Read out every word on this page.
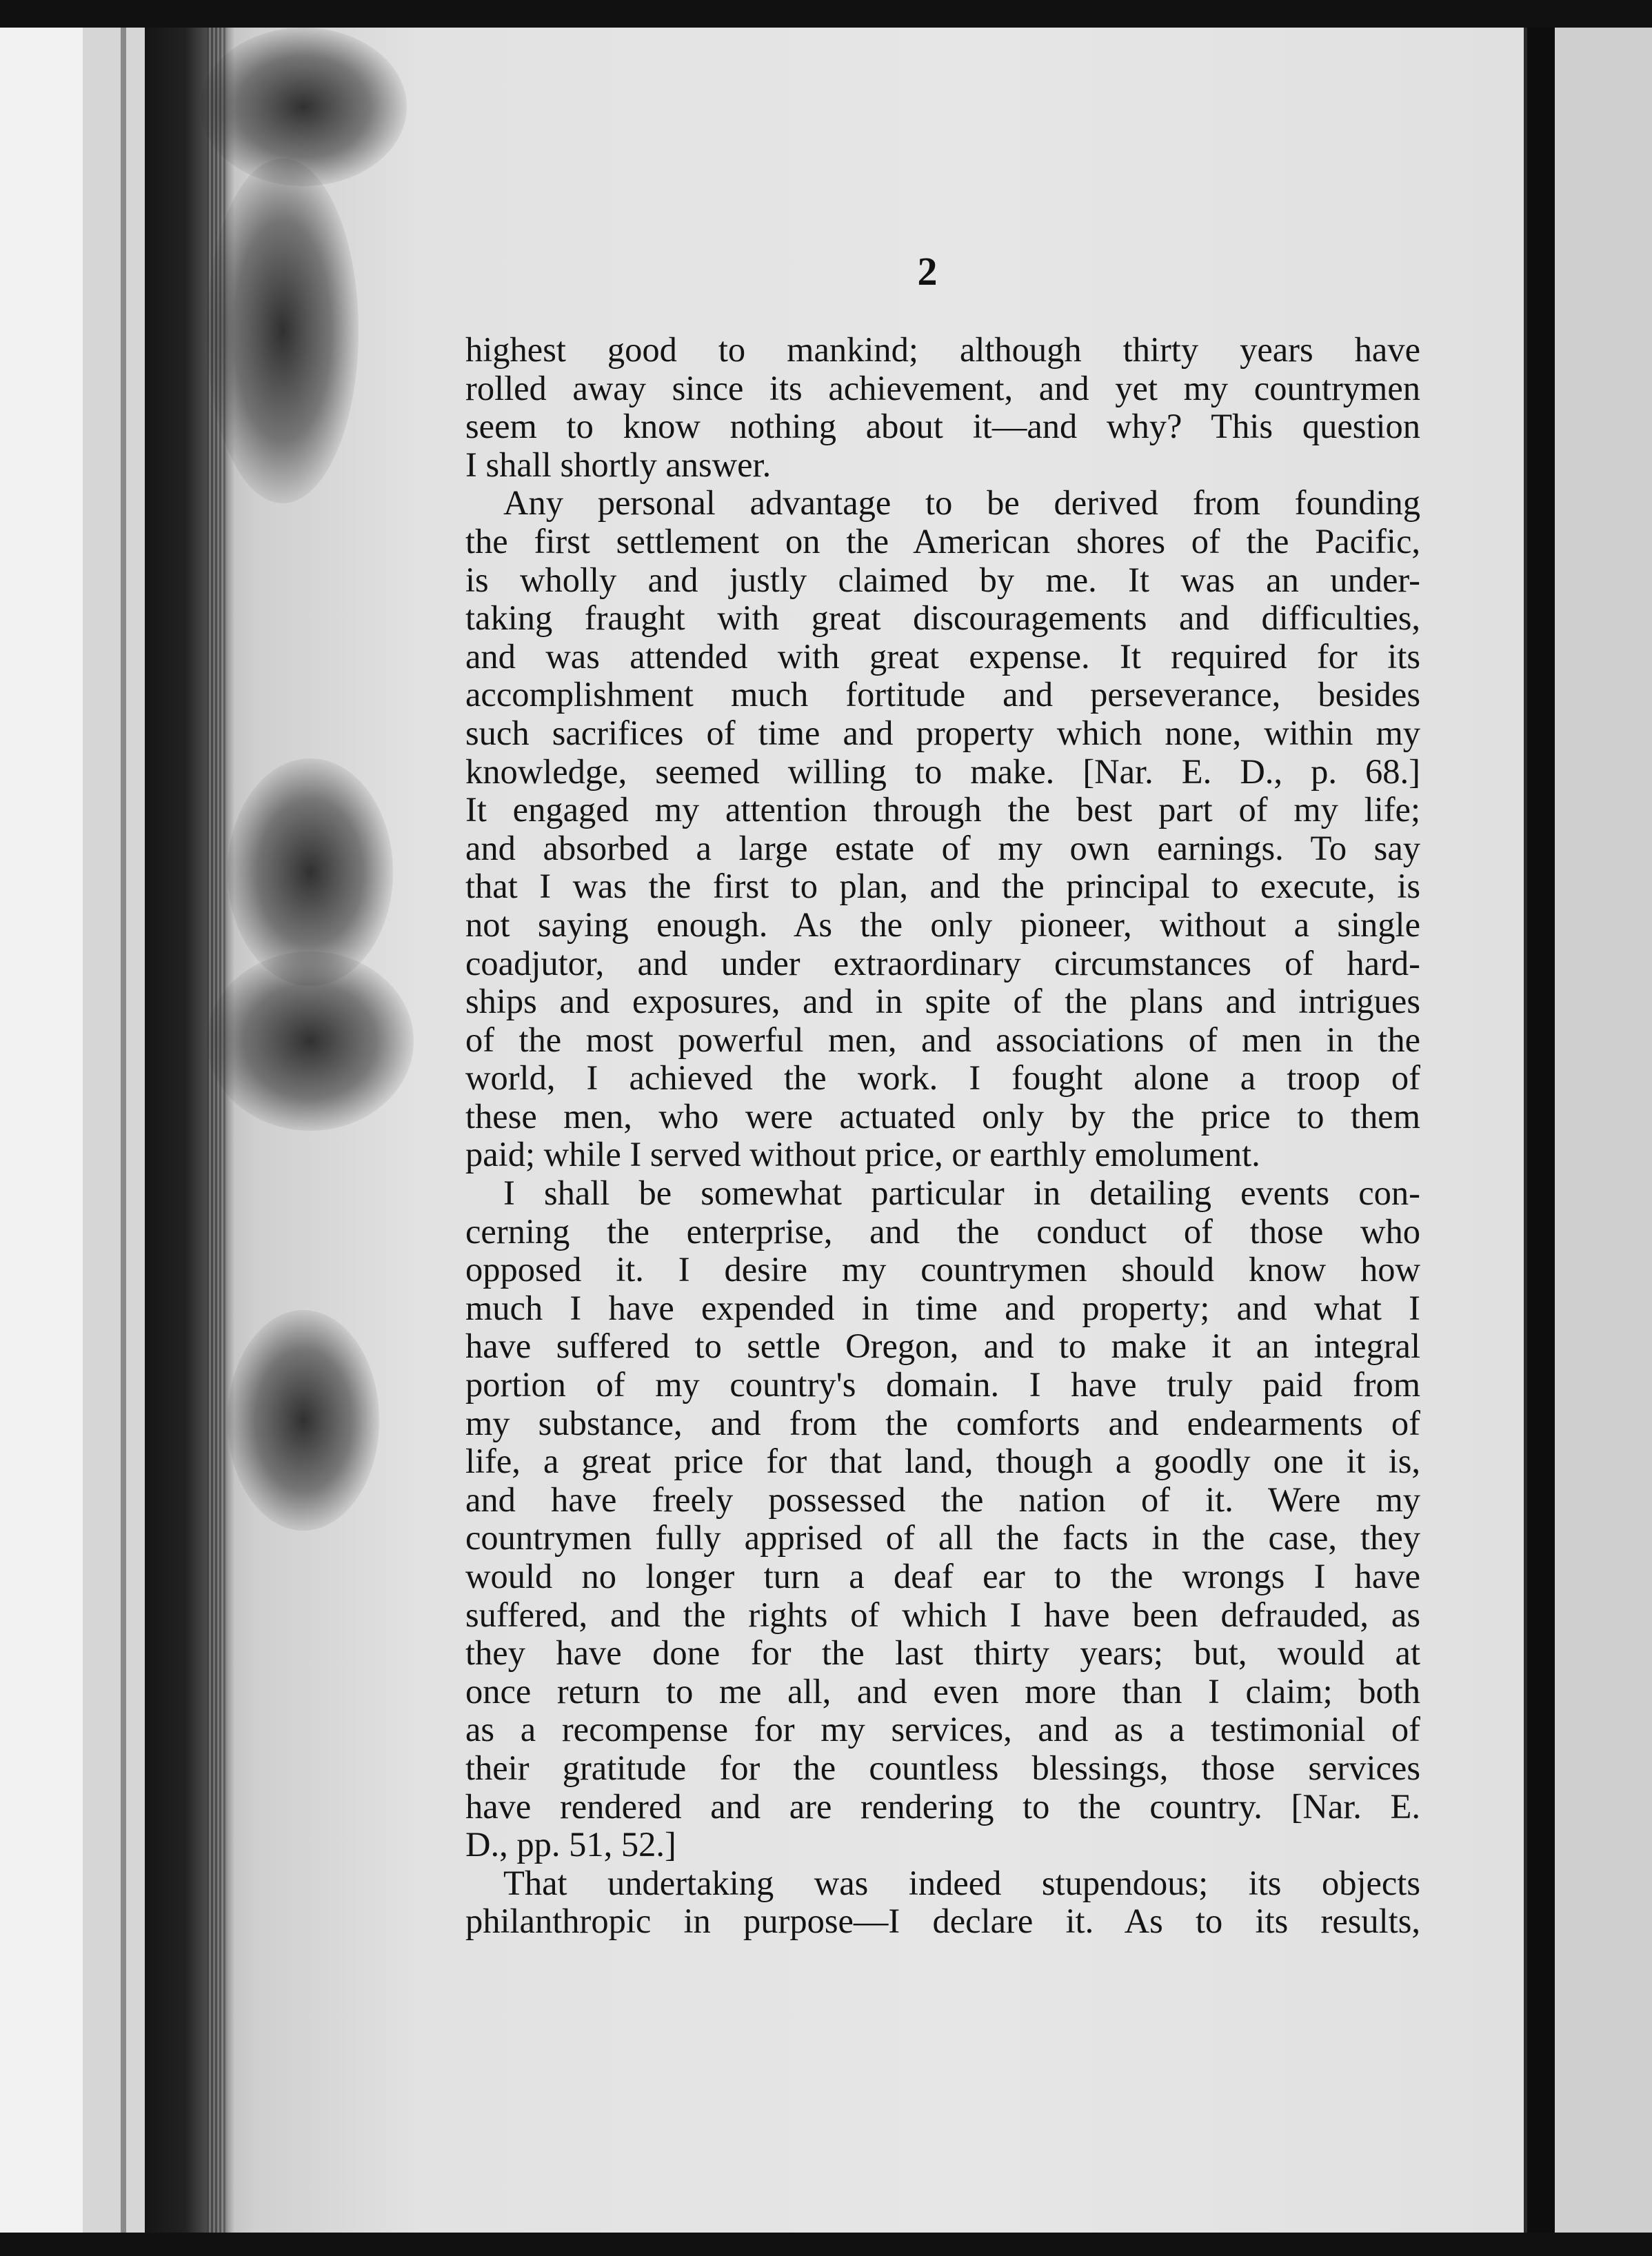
2

highest good to mankind; although thirty years have
rolled away since its achievement, and yet my countrymen
seem to know nothing about it—and why? This question
I shall shortly answer.

Any personal advantage to be derived from founding
the first settlement on the American shores of the Pacific,
is wholly and justly claimed by me. It was an under-
taking fraught with great discouragements and difficulties,
and was attended with great expense. It required for its
accomplishment much fortitude and perseverance, besides
such sacrifices of time and property which none, within my
knowledge, seemed willing to make. [Nar. E. D., p. 68.]
It engaged my attention through the best part of my life;
and absorbed a large estate of my own earnings. To say
that I was the first to plan, and the principal to execute, is
not saying enough. As the only pioneer, without a single
coadjutor, and under extraordinary circumstances of hard-
ships and exposures, and in spite of the plans and intrigues
of the most powerful men, and associations of men in the
world, I achieved the work. I fought alone a troop of
these men, who were actuated only by the price to them
paid; while I served without price, or earthly emolument.

I shall be somewhat particular in detailing events con-
cerning the enterprise, and the conduct of those who
opposed it. I desire my countrymen should know how
much I have expended in time and property; and what I
have suffered to settle Oregon, and to make it an integral
portion of my country's domain. I have truly paid from
my substance, and from the comforts and endearments of
life, a great price for that land, though a goodly one it is,
and have freely possessed the nation of it. Were my
countrymen fully apprised of all the facts in the case, they
would no longer turn a deaf ear to the wrongs I have
suffered, and the rights of which I have been defrauded, as
they have done for the last thirty years; but, would at
once return to me all, and even more than I claim; both
as a recompense for my services, and as a testimonial of
their gratitude for the countless blessings, those services
have rendered and are rendering to the country. [Nar. E.
D., pp. 51, 52.]

That undertaking was indeed stupendous; its objects
philanthropic in purpose—I declare it. As to its results,
